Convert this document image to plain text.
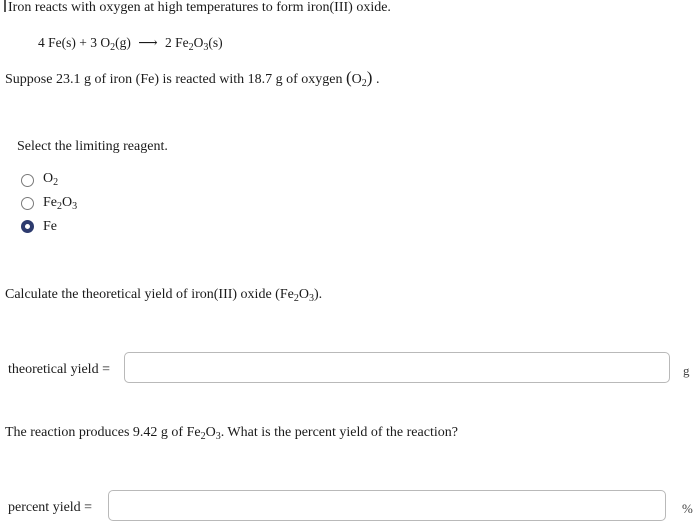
Iron reacts with oxygen at high temperatures to form iron(III) oxide.
4 Fe(s) + 3 $O_2(g)$ ⟶ 2 $Fe_2O_3(s)$
Suppose 23.1 g of iron (Fe) is reacted with 18.7 g of oxygen $(O_2)$ .
Select the limiting reagent.
$O_2$
$Fe_2O_3$
Fe
Calculate the theoretical yield of iron(III) oxide $(Fe_2O_3)$.
theoretical yield =	g
The reaction produces 9.42 g of $Fe_2O_3$. What is the percent yield of the reaction?
percent yield =	%
